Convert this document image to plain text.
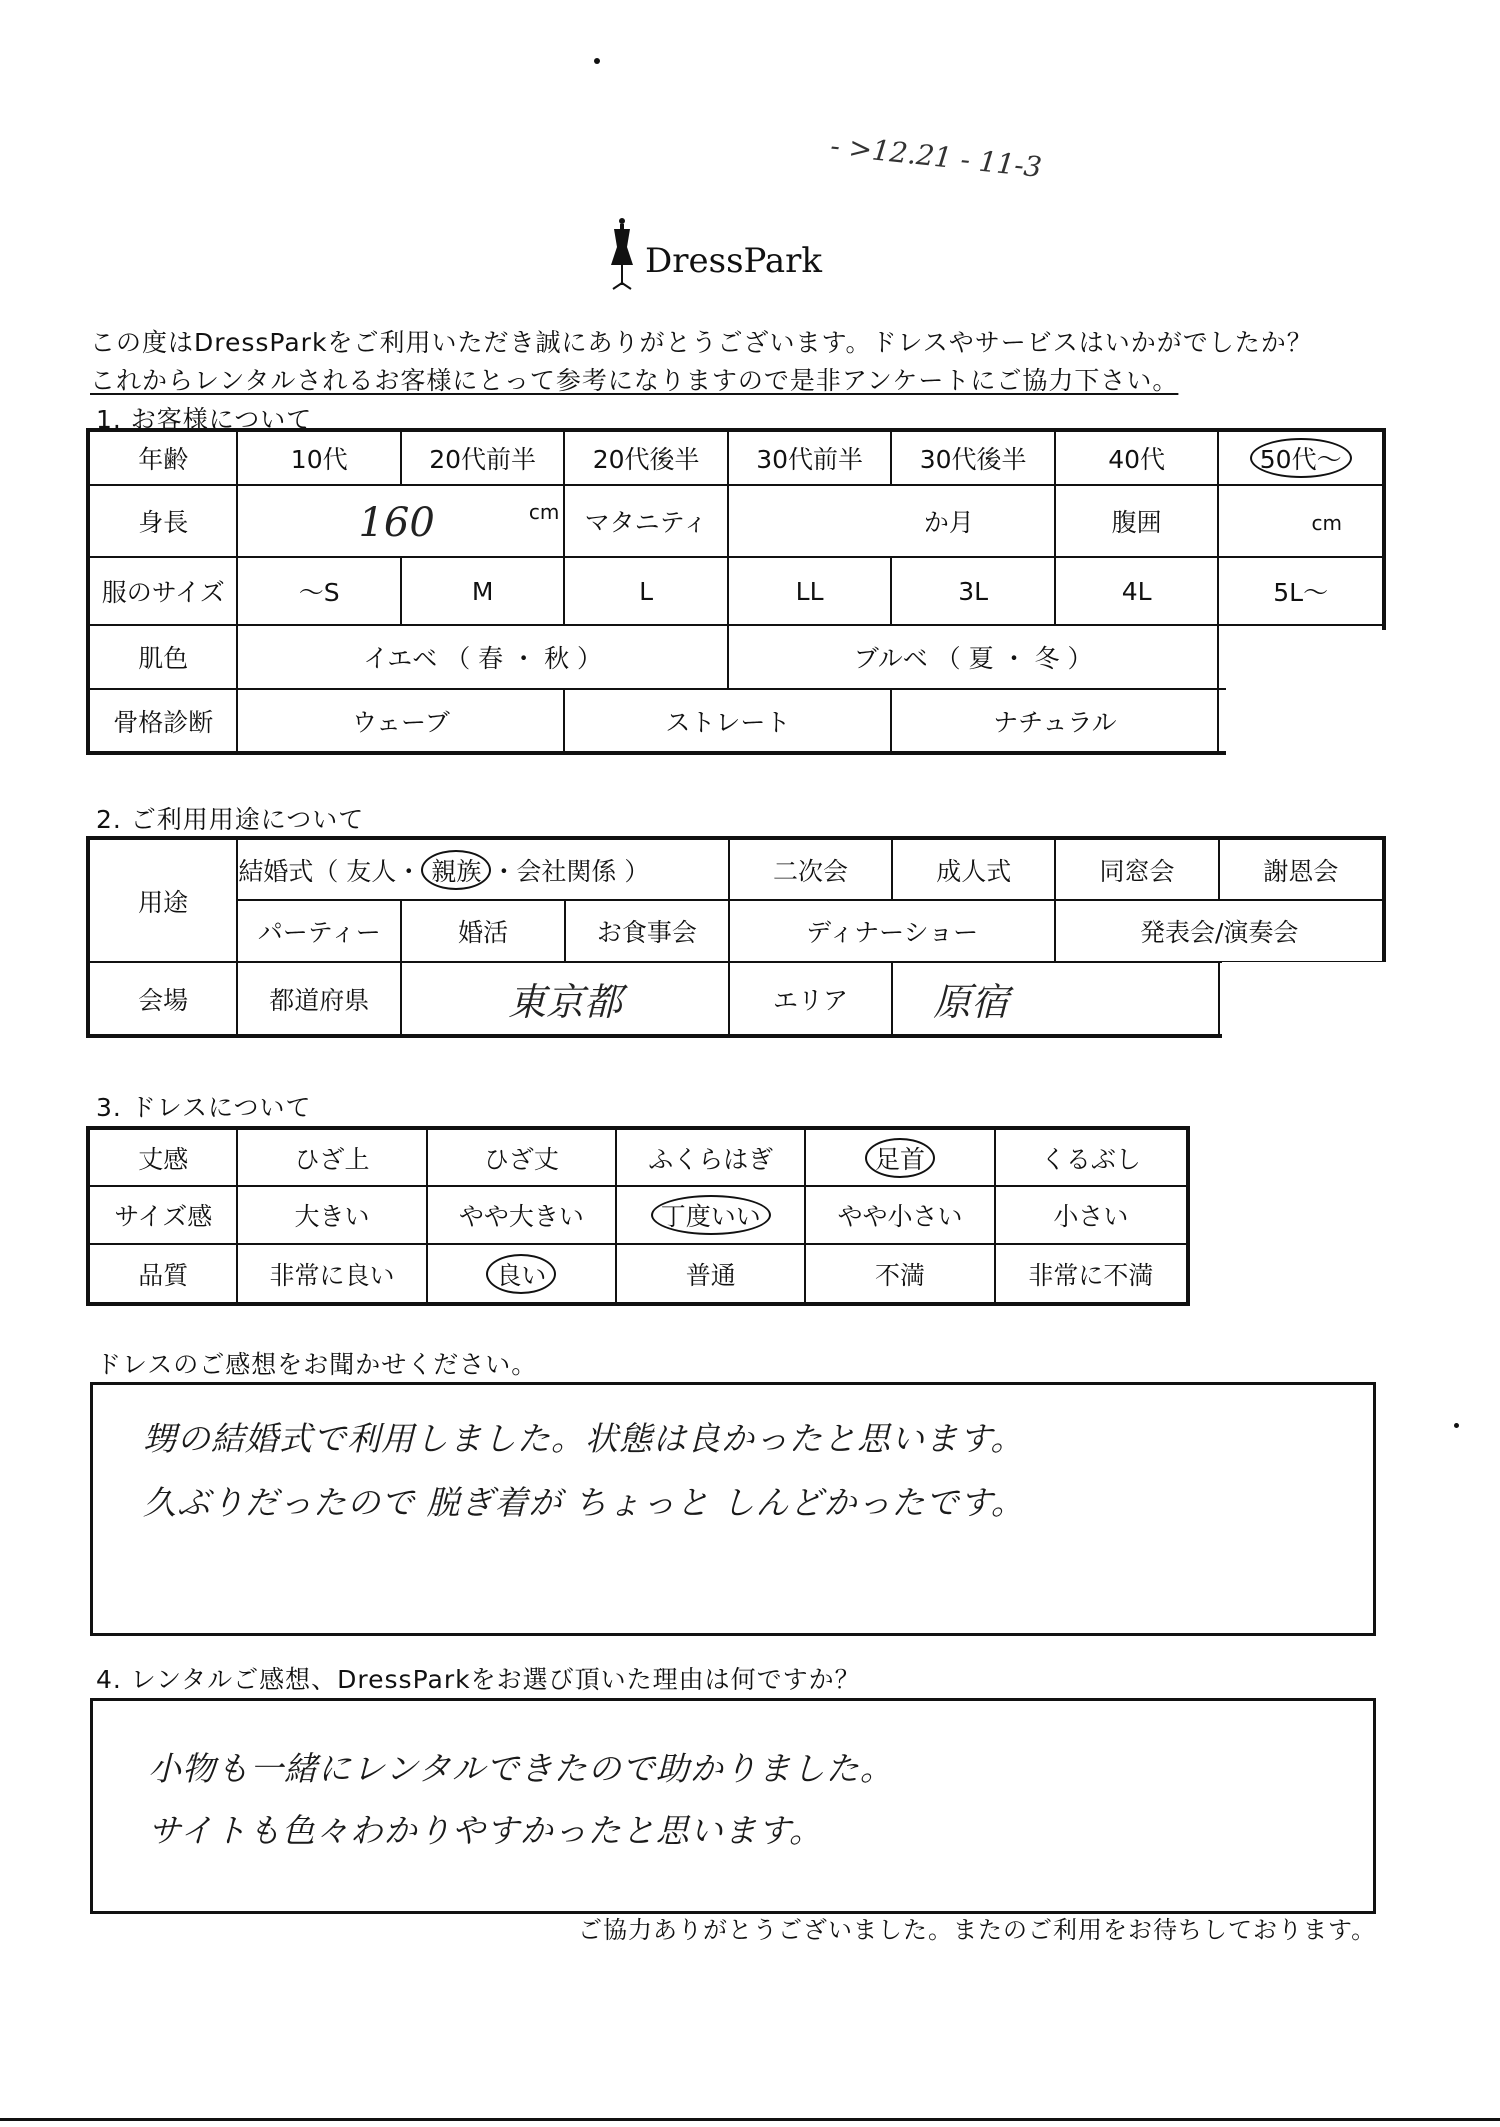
- >12.21 - 11-3
DressPark
この度はDressParkをご利用いただき誠にありがとうございます。ドレスやサービスはいかがでしたか？
これからレンタルされるお客様にとって参考になりますので是非アンケートにご協力下さい。
1. お客様について
年齢	10代	20代前半	20代後半	30代前半	30代後半	40代	50代〜
身長	160 cm		マタニティ	か月		腹囲	cm
服のサイズ	〜S	M	L	LL	3L	4L	5L〜
肌色	イエベ （ 春 ・ 秋 ）			ブルベ （ 夏 ・ 冬 ）			
骨格診断	ウェーブ		ストレート		ナチュラル		
2. ご利用用途について
用途	結婚式（ 友人・ 親族 ・会社関係 ）			二次会	成人式	同窓会	謝恩会
	パーティー	婚活	お食事会	ディナーショー		発表会/演奏会	
会場	都道府県	東京都		エリア	原宿		
3. ドレスについて
丈感	ひざ上	ひざ丈	ふくらはぎ	足首	くるぶし
サイズ感	大きい	やや大きい	丁度いい	やや小さい	小さい
品質	非常に良い	良い	普通	不満	非常に不満
ドレスのご感想をお聞かせください。
甥の結婚式で利用しました。状態は良かったと思います。
久ぶりだったので 脱ぎ着が ちょっと しんどかったです。
4. レンタルご感想、DressParkをお選び頂いた理由は何ですか？
小物も一緒にレンタルできたので助かりました。
サイトも色々わかりやすかったと思います。
ご協力ありがとうございました。またのご利用をお待ちしております。
